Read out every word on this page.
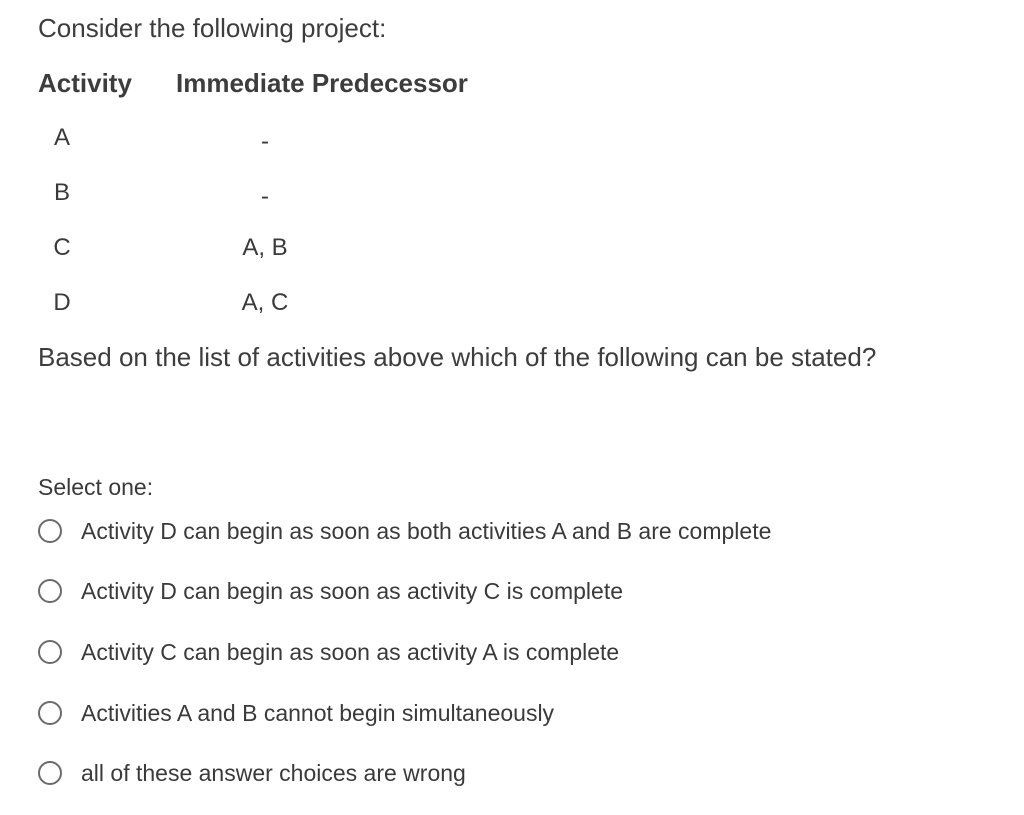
Consider the following project:
Activity Immediate Predecessor
A	-
B	-
C	A, B
D	A, C
Based on the list of activities above which of the following can be stated?
Select one:
Activity D can begin as soon as both activities A and B are complete
Activity D can begin as soon as activity C is complete
Activity C can begin as soon as activity A is complete
Activities A and B cannot begin simultaneously
all of these answer choices are wrong
